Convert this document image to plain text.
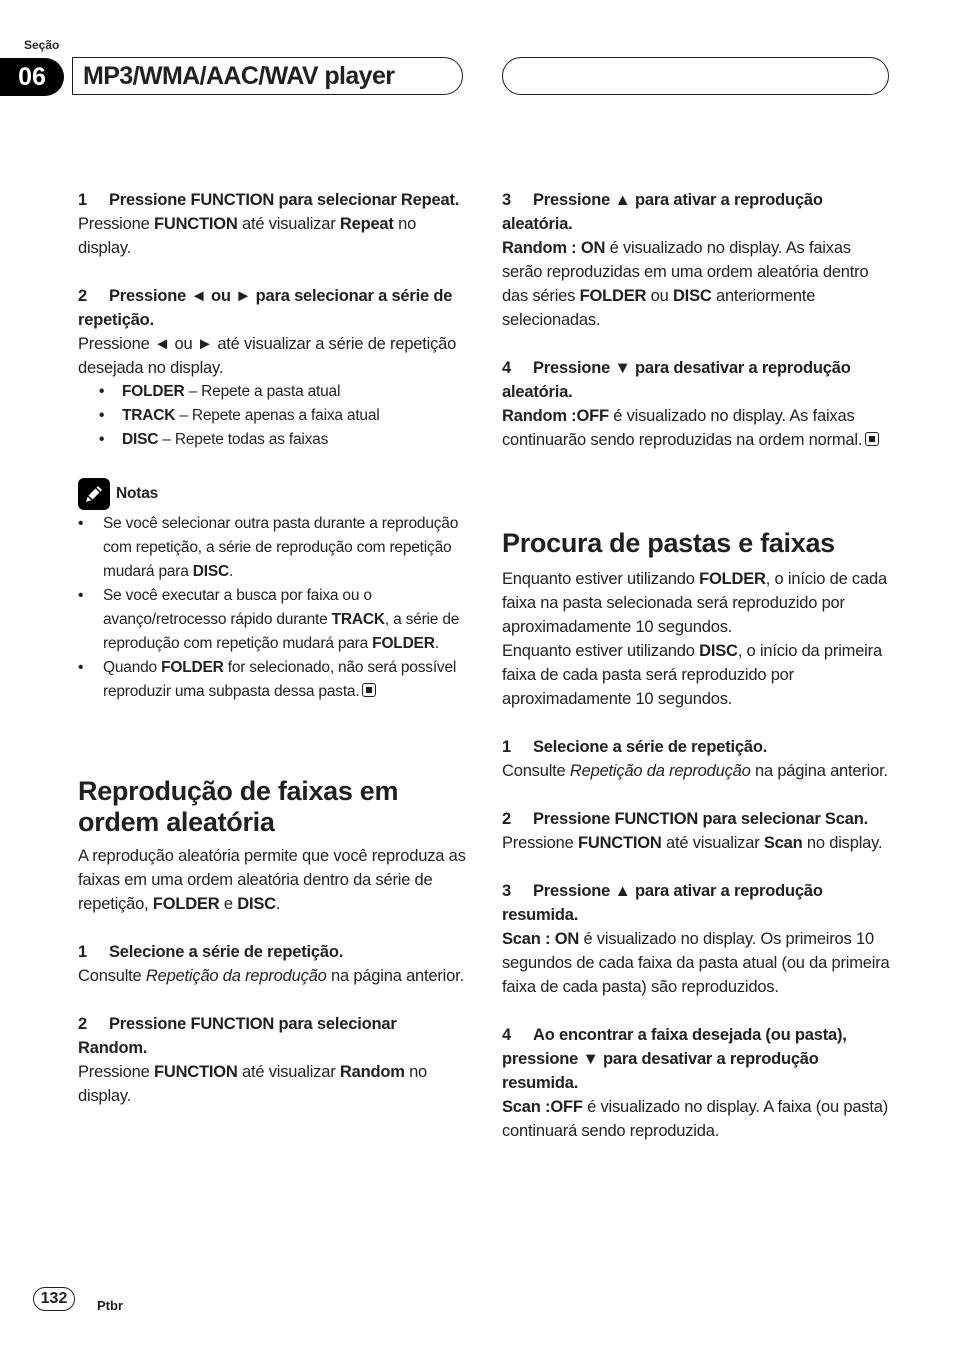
Seção
06	MP3/WMA/AAC/WAV player
1 Pressione FUNCTION para selecionar Repeat.
Pressione FUNCTION até visualizar Repeat no display.
2 Pressione ◄ ou ► para selecionar a série de repetição.
Pressione ◄ ou ► até visualizar a série de repetição desejada no display.
• FOLDER – Repete a pasta atual
• TRACK – Repete apenas a faixa atual
• DISC – Repete todas as faixas
Notas
• Se você selecionar outra pasta durante a reprodução com repetição, a série de reprodução com repetição mudará para DISC.
• Se você executar a busca por faixa ou o avanço/retrocesso rápido durante TRACK, a série de reprodução com repetição mudará para FOLDER.
• Quando FOLDER for selecionado, não será possível reproduzir uma subpasta dessa pasta.
Reprodução de faixas em ordem aleatória
A reprodução aleatória permite que você reproduza as faixas em uma ordem aleatória dentro da série de repetição, FOLDER e DISC.
1 Selecione a série de repetição.
Consulte Repetição da reprodução na página anterior.
2 Pressione FUNCTION para selecionar Random.
Pressione FUNCTION até visualizar Random no display.
3 Pressione ▲ para ativar a reprodução aleatória.
Random : ON é visualizado no display. As faixas serão reproduzidas em uma ordem aleatória dentro das séries FOLDER ou DISC anteriormente selecionadas.
4 Pressione ▼ para desativar a reprodução aleatória.
Random :OFF é visualizado no display. As faixas continuarão sendo reproduzidas na ordem normal.
Procura de pastas e faixas
Enquanto estiver utilizando FOLDER, o início de cada faixa na pasta selecionada será reproduzido por aproximadamente 10 segundos.
Enquanto estiver utilizando DISC, o início da primeira faixa de cada pasta será reproduzido por aproximadamente 10 segundos.
1 Selecione a série de repetição.
Consulte Repetição da reprodução na página anterior.
2 Pressione FUNCTION para selecionar Scan.
Pressione FUNCTION até visualizar Scan no display.
3 Pressione ▲ para ativar a reprodução resumida.
Scan : ON é visualizado no display. Os primeiros 10 segundos de cada faixa da pasta atual (ou da primeira faixa de cada pasta) são reproduzidos.
4 Ao encontrar a faixa desejada (ou pasta), pressione ▼ para desativar a reprodução resumida.
Scan :OFF é visualizado no display. A faixa (ou pasta) continuará sendo reproduzida.
132	Ptbr
